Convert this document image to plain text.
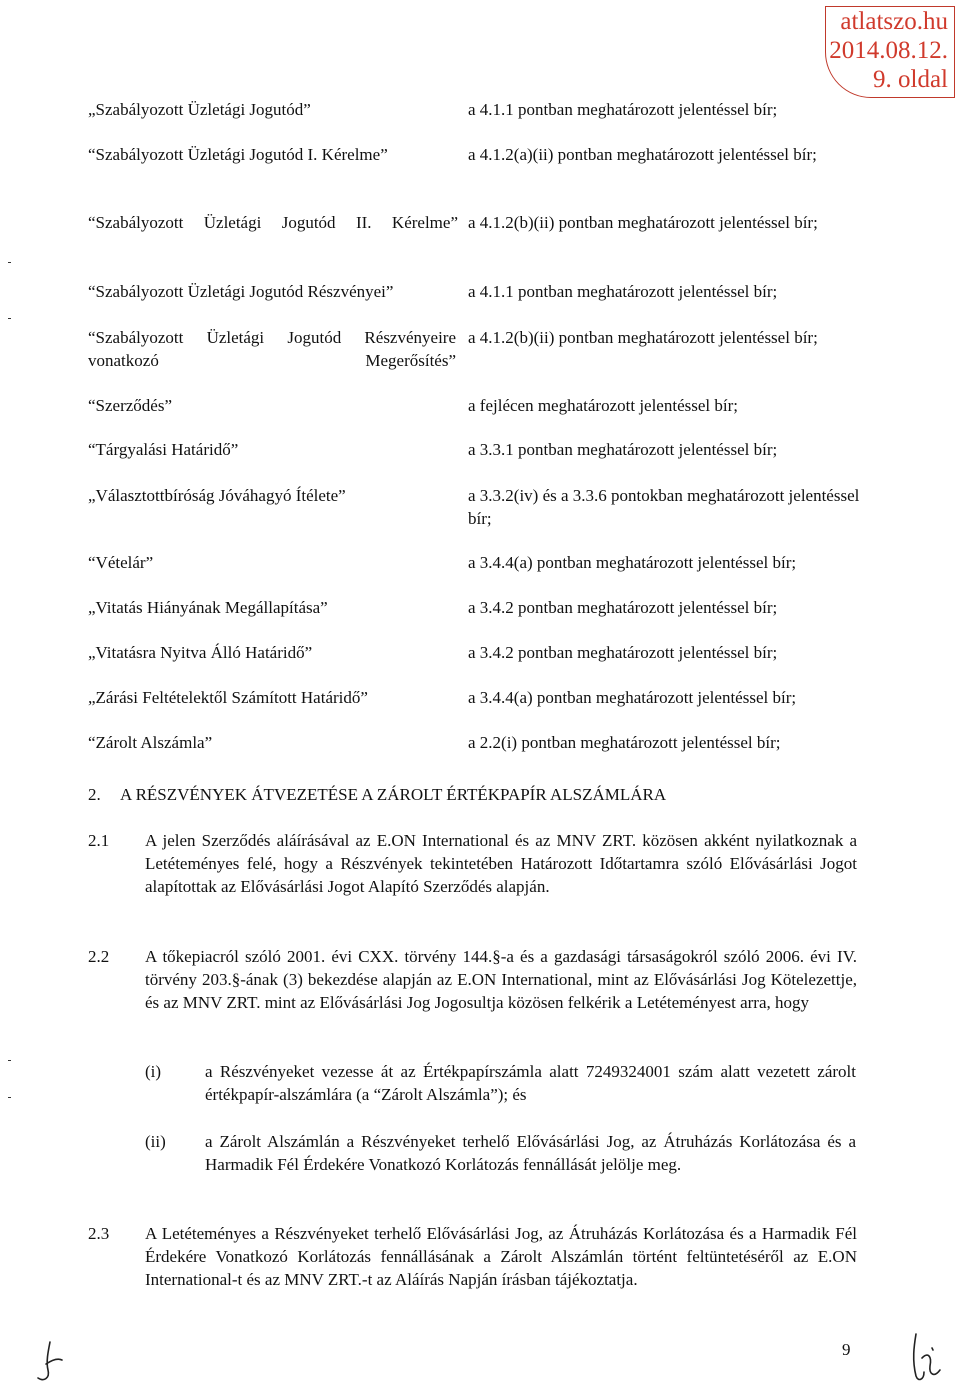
atlatszo.hu
2014.08.12.
9. oldal
„Szabályozott Üzletági Jogutód”	a 4.1.1 pontban meghatározott jelentéssel bír;
“Szabályozott Üzletági Jogutód I. Kérelme”	a 4.1.2(a)(ii) pontban meghatározott jelentéssel bír;
“Szabályozott Üzletági Jogutód II. Kérelme” a 4.1.2(b)(ii) pontban meghatározott jelentéssel bír;
“Szabályozott Üzletági Jogutód Részvényei”	a 4.1.1 pontban meghatározott jelentéssel bír;
“Szabályozott Üzletági Jogutód Részvényeire vonatkozó Megerősítés”
a 4.1.2(b)(ii) pontban meghatározott jelentéssel bír;
“Szerződés”	a fejlécen meghatározott jelentéssel bír;
“Tárgyalási Határidő”	a 3.3.1 pontban meghatározott jelentéssel bír;
„Választottbíróság Jóváhagyó Ítélete”	a 3.3.2(iv) és a 3.3.6 pontokban meghatározott jelentéssel bír;
“Vételár”	a 3.4.4(a) pontban meghatározott jelentéssel bír;
„Vitatás Hiányának Megállapítása”	a 3.4.2 pontban meghatározott jelentéssel bír;
„Vitatásra Nyitva Álló Határidő”	a 3.4.2 pontban meghatározott jelentéssel bír;
„Zárási Feltételektől Számított Határidő”	a 3.4.4(a) pontban meghatározott jelentéssel bír;
“Zárolt Alszámla”	a 2.2(i) pontban meghatározott jelentéssel bír;
2. A RÉSZVÉNYEK ÁTVEZETÉSE A ZÁROLT ÉRTÉKPAPÍR ALSZÁMLÁRA
2.1 A jelen Szerződés aláírásával az E.ON International és az MNV ZRT. közösen akként nyilatkoznak a Letéteményes felé, hogy a Részvények tekintetében Határozott Időtartamra szóló Elővásárlási Jogot alapítottak az Elővásárlási Jogot Alapító Szerződés alapján.
2.2 A tőkepiacról szóló 2001. évi CXX. törvény 144.§-a és a gazdasági társaságokról szóló 2006. évi IV. törvény 203.§-ának (3) bekezdése alapján az E.ON International, mint az Elővásárlási Jog Kötelezettje, és az MNV ZRT. mint az Elővásárlási Jog Jogosultja közösen felkérik a Letéteményest arra, hogy
(i)	a Részvényeket vezesse át az Értékpapírszámla alatt 7249324001 szám alatt vezetett zárolt értékpapír-alszámlára (a “Zárolt Alszámla”); és
(ii) a Zárolt Alszámlán a Részvényeket terhelő Elővásárlási Jog, az Átruházás Korlátozása és a Harmadik Fél Érdekére Vonatkozó Korlátozás fennállását jelölje meg.
2.3 A Letéteményes a Részvényeket terhelő Elővásárlási Jog, az Átruházás Korlátozása és a Harmadik Fél Érdekére Vonatkozó Korlátozás fennállásának a Zárolt Alszámlán történt feltüntetéséről az E.ON International-t és az MNV ZRT.-t az Aláírás Napján írásban tájékoztatja.
9
